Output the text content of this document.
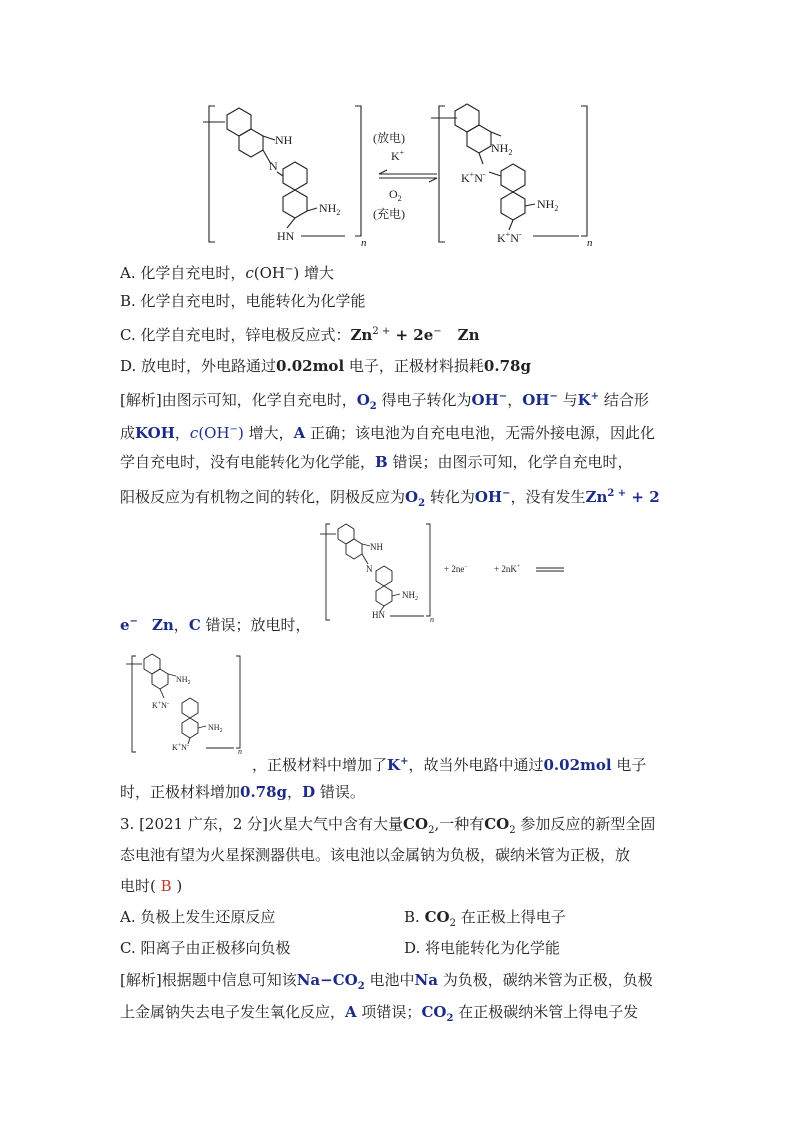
NH
N
$NH_2$
HN	n
(放电)
K+
$O_2$
(充电)
$NH_2$
K+N-
$NH_2$
K+N-
n
A. 化学自充电时，c(OH−) 增大
B. 化学自充电时，电能转化为化学能
C. 化学自充电时，锌电极反应式：$Zn^{2 +} + 2e^-$ Zn
D. 放电时，外电路通过0.02mol 电子，正极材料损耗0.78g
[解析]由图示可知，化学自充电时，$O_2$ 得电子转化为OH−，OH− 与K+ 结合形
成KOH，c(OH−) 增大，A 正确；该电池为自充电电池，无需外接电源，因此化
学自充电时，没有电能转化为化学能，B 错误；由图示可知，化学自充电时，
阳极反应为有机物之间的转化，阴极反应为$O_2$ 转化为OH−，没有发生$Zn^{2 +} + 2$
NH
N
$NH_2$
HN	n
+ 2ne−	+ 2nK+
e− Zn，C 错误；放电时，
$NH_2$
K+N-
$NH_2$
K+N-
n
，正极材料中增加了K+，故当外电路中通过0.02mol 电子
时，正极材料增加0.78g，D 错误。
3. [2021 广东，2 分]火星大气中含有大量$CO_2$,一种有$CO_2$ 参加反应的新型全固
态电池有望为火星探测器供电。该电池以金属钠为负极，碳纳米管为正极，放
电时( B )
A. 负极上发生还原反应	B. $CO_2$ 在正极上得电子
C. 阳离子由正极移向负极	D. 将电能转化为化学能
[解析]根据题中信息可知该$Na-CO_2$ 电池中Na 为负极，碳纳米管为正极，负极
上金属钠失去电子发生氧化反应，A 项错误；$CO_2$ 在正极碳纳米管上得电子发
